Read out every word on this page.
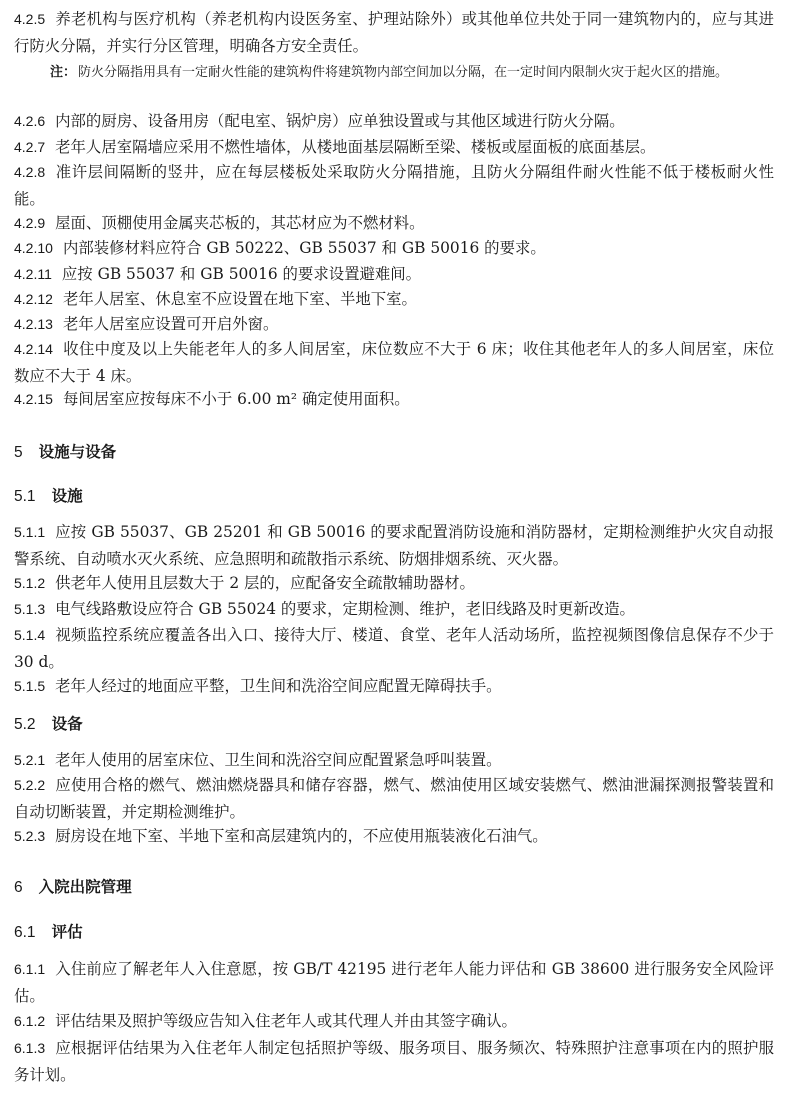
4.2.5 养老机构与医疗机构（养老机构内设医务室、护理站除外）或其他单位共处于同一建筑物内的，应与其进行防火分隔，并实行分区管理，明确各方安全责任。

注： 防火分隔指用具有一定耐火性能的建筑构件将建筑物内部空间加以分隔，在一定时间内限制火灾于起火区的措施。

4.2.6 内部的厨房、设备用房（配电室、锅炉房）应单独设置或与其他区域进行防火分隔。

4.2.7 老年人居室隔墙应采用不燃性墙体，从楼地面基层隔断至梁、楼板或屋面板的底面基层。

4.2.8 准许层间隔断的竖井，应在每层楼板处采取防火分隔措施，且防火分隔组件耐火性能不低于楼板耐火性能。

4.2.9 屋面、顶棚使用金属夹芯板的，其芯材应为不燃材料。

4.2.10 内部装修材料应符合 GB 50222、GB 55037 和 GB 50016 的要求。

4.2.11 应按 GB 55037 和 GB 50016 的要求设置避难间。

4.2.12 老年人居室、休息室不应设置在地下室、半地下室。

4.2.13 老年人居室应设置可开启外窗。

4.2.14 收住中度及以上失能老年人的多人间居室，床位数应不大于 6 床；收住其他老年人的多人间居室，床位数应不大于 4 床。

4.2.15 每间居室应按每床不小于 6.00 m² 确定使用面积。

5 设施与设备
5.1 设施

5.1.1 应按 GB 55037、GB 25201 和 GB 50016 的要求配置消防设施和消防器材，定期检测维护火灾自动报警系统、自动喷水灭火系统、应急照明和疏散指示系统、防烟排烟系统、灭火器。

5.1.2 供老年人使用且层数大于 2 层的，应配备安全疏散辅助器材。

5.1.3 电气线路敷设应符合 GB 55024 的要求，定期检测、维护，老旧线路及时更新改造。

5.1.4 视频监控系统应覆盖各出入口、接待大厅、楼道、食堂、老年人活动场所，监控视频图像信息保存不少于 30 d。

5.1.5 老年人经过的地面应平整，卫生间和洗浴空间应配置无障碍扶手。

5.2 设备

5.2.1 老年人使用的居室床位、卫生间和洗浴空间应配置紧急呼叫装置。

5.2.2 应使用合格的燃气、燃油燃烧器具和储存容器，燃气、燃油使用区域安装燃气、燃油泄漏探测报警装置和自动切断装置，并定期检测维护。

5.2.3 厨房设在地下室、半地下室和高层建筑内的，不应使用瓶装液化石油气。

6 入院出院管理
6.1 评估

6.1.1 入住前应了解老年人入住意愿，按 GB/T 42195 进行老年人能力评估和 GB 38600 进行服务安全风险评估。

6.1.2 评估结果及照护等级应告知入住老年人或其代理人并由其签字确认。

6.1.3 应根据评估结果为入住老年人制定包括照护等级、服务项目、服务频次、特殊照护注意事项在内的照护服务计划。
